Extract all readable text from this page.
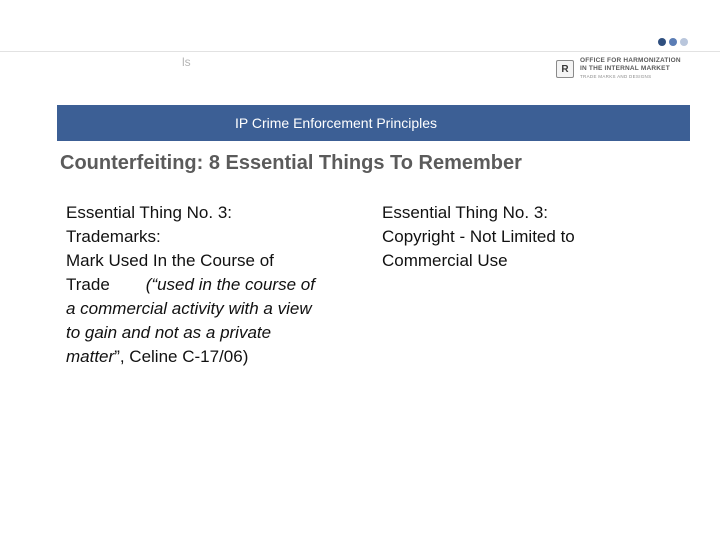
ls	R
OFFICE FOR HARMONIZATION
IN THE INTERNAL MARKET
TRADE MARKS AND DESIGNS
IP Crime Enforcement Principles
Counterfeiting: 8 Essential Things To Remember
Essential Thing No. 3:
Trademarks:
Mark Used In the Course of
Trade (“used in the course of
a commercial activity with a view
to gain and not as a private
matter”, Celine C-17/06)
Essential Thing No. 3:
Copyright - Not Limited to
Commercial Use
